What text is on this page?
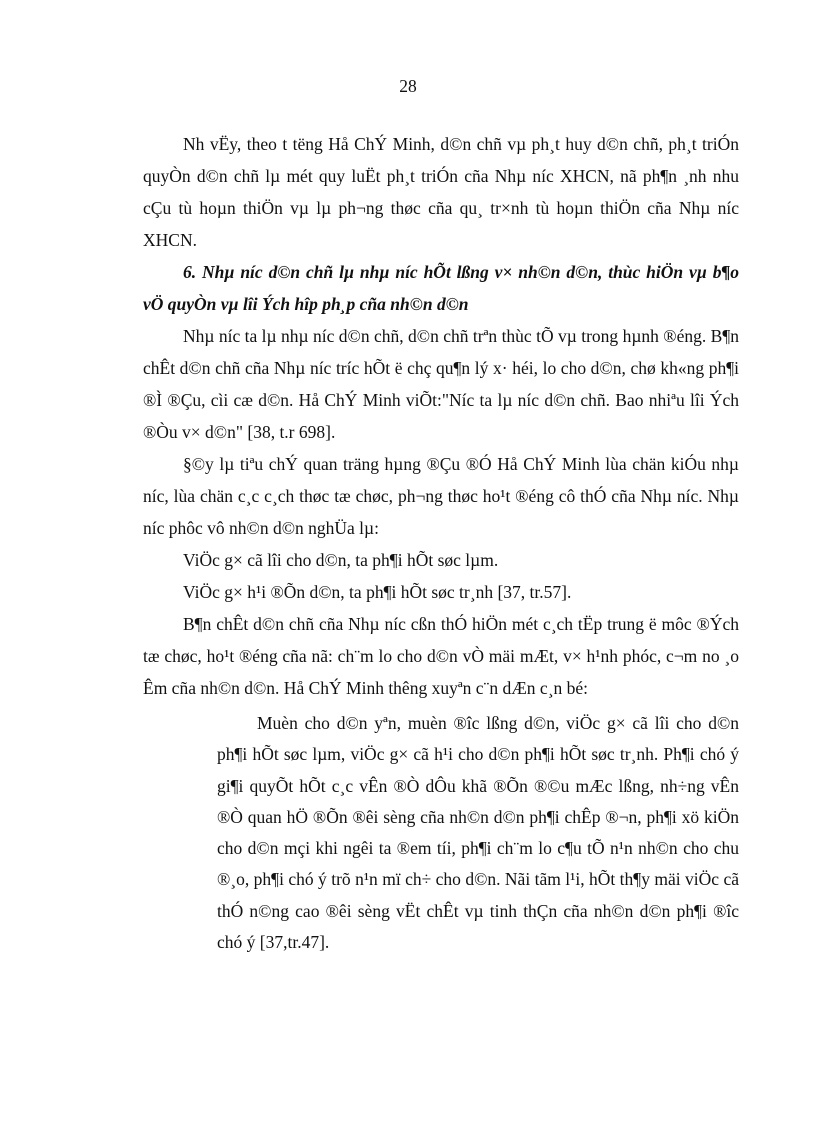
28

Nh vËy, theo t tëng Hå ChÝ Minh, d©n chñ vµ ph¸t huy d©n chñ, ph¸t triÓn quyÒn d©n chñ lµ mét quy luËt ph¸t triÓn cña Nhµ níc XHCN, nã ph¶n ¸nh nhu cÇu tù hoµn thiÖn vµ lµ ph¬ng thøc cña qu¸ tr×nh tù hoµn thiÖn cña Nhµ níc XHCN.

6. Nhµ níc d©n chñ lµ nhµ níc hÕt lßng v× nh©n d©n, thùc hiÖn vµ b¶o vÖ quyÒn vµ lîi Ých hîp ph¸p cña nh©n d©n

Nhµ níc ta lµ nhµ níc d©n chñ, d©n chñ trªn thùc tÕ vµ trong hµnh ®éng. B¶n chÊt d©n chñ cña Nhµ níc tríc hÕt ë chç qu¶n lý x· héi, lo cho d©n, chø kh«ng ph¶i ®Ì ®Çu, cìi cæ d©n. Hå ChÝ Minh viÕt:"Níc ta lµ níc d©n chñ. Bao nhiªu lîi Ých ®Òu v× d©n" [38, t.r 698].

§©y lµ tiªu chÝ quan träng hµng ®Çu ®Ó Hå ChÝ Minh lùa chän kiÓu nhµ níc, lùa chän c¸c c¸ch thøc tæ chøc, ph¬ng thøc ho¹t ®éng cô thÓ cña Nhµ níc. Nhµ níc phôc vô nh©n d©n nghÜa lµ:

ViÖc g× cã lîi cho d©n, ta ph¶i hÕt søc lµm.

ViÖc g× h¹i ®Õn d©n, ta ph¶i hÕt søc tr¸nh [37, tr.57].

B¶n chÊt d©n chñ cña Nhµ níc cßn thÓ hiÖn mét c¸ch tËp trung ë môc ®Ých tæ chøc, ho¹t ®éng cña nã: ch¨m lo cho d©n vÒ mäi mÆt, v× h¹nh phóc, c¬m no ¸o Êm cña nh©n d©n. Hå ChÝ Minh thêng xuyªn c¨n dÆn c¸n bé:

Muèn cho d©n yªn, muèn ®îc lßng d©n, viÖc g× cã lîi cho d©n ph¶i hÕt søc lµm, viÖc g× cã h¹i cho d©n ph¶i hÕt søc tr¸nh. Ph¶i chó ý gi¶i quyÕt hÕt c¸c vÊn ®Ò dÔu khã ®Õn ®©u mÆc lßng, nh÷ng vÊn ®Ò quan hÖ ®Õn ®êi sèng cña nh©n d©n ph¶i chÊp ®¬n, ph¶i xö kiÖn cho d©n mçi khi ngêi ta ®em tíi, ph¶i ch¨m lo c¶u tÕ n¹n nh©n cho chu ®¸o, ph¶i chó ý trõ n¹n mï ch÷ cho d©n. Nãi tãm l¹i, hÕt th¶y mäi viÖc cã thÓ n©ng cao ®êi sèng vËt chÊt vµ tinh thÇn cña nh©n d©n ph¶i ®îc chó ý [37,tr.47].
